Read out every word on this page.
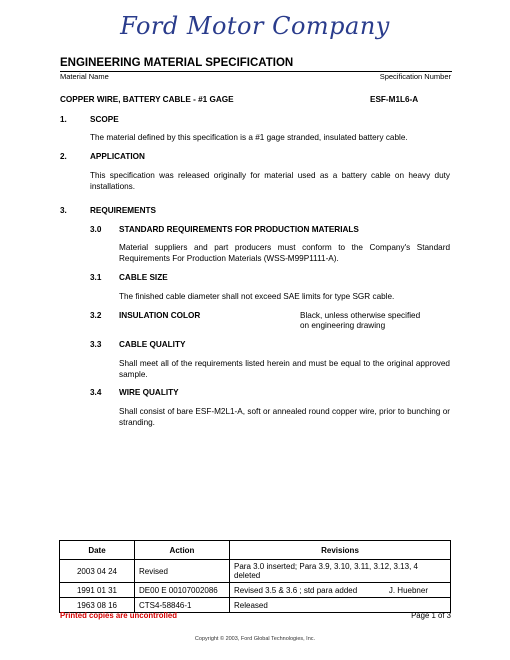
Ford Motor Company
ENGINEERING MATERIAL SPECIFICATION
Material Name	Specification Number
COPPER WIRE, BATTERY CABLE - #1 GAGE	ESF-M1L6-A
1.	SCOPE
The material defined by this specification is a #1 gage stranded, insulated battery cable.
2.	APPLICATION
This specification was released originally for material used as a battery cable on heavy duty installations.
3.	REQUIREMENTS
3.0 STANDARD REQUIREMENTS FOR PRODUCTION MATERIALS
Material suppliers and part producers must conform to the Company's Standard Requirements For Production Materials (WSS-M99P1111-A).
3.1 CABLE SIZE
The finished cable diameter shall not exceed SAE limits for type SGR cable.
3.2 INSULATION COLOR	Black, unless otherwise specified
on engineering drawing
3.3 CABLE QUALITY
Shall meet all of the requirements listed herein and must be equal to the original approved sample.
3.4 WIRE QUALITY
Shall consist of bare ESF-M2L1-A, soft or annealed round copper wire, prior to bunching or stranding.
Date	Action	Revisions
2003 04 24	Revised	Para 3.0 inserted; Para 3.9, 3.10, 3.11, 3.12, 3.13, 4 deleted
1991 01 31	DE00 E 00107002086	Revised 3.5 & 3.6 ; std para added J. Huebner

1963 08 16	CTS4-58846-1	Released
Printed copies are uncontrolled	Page 1 of 3
Copyright © 2003, Ford Global Technologies, Inc.
